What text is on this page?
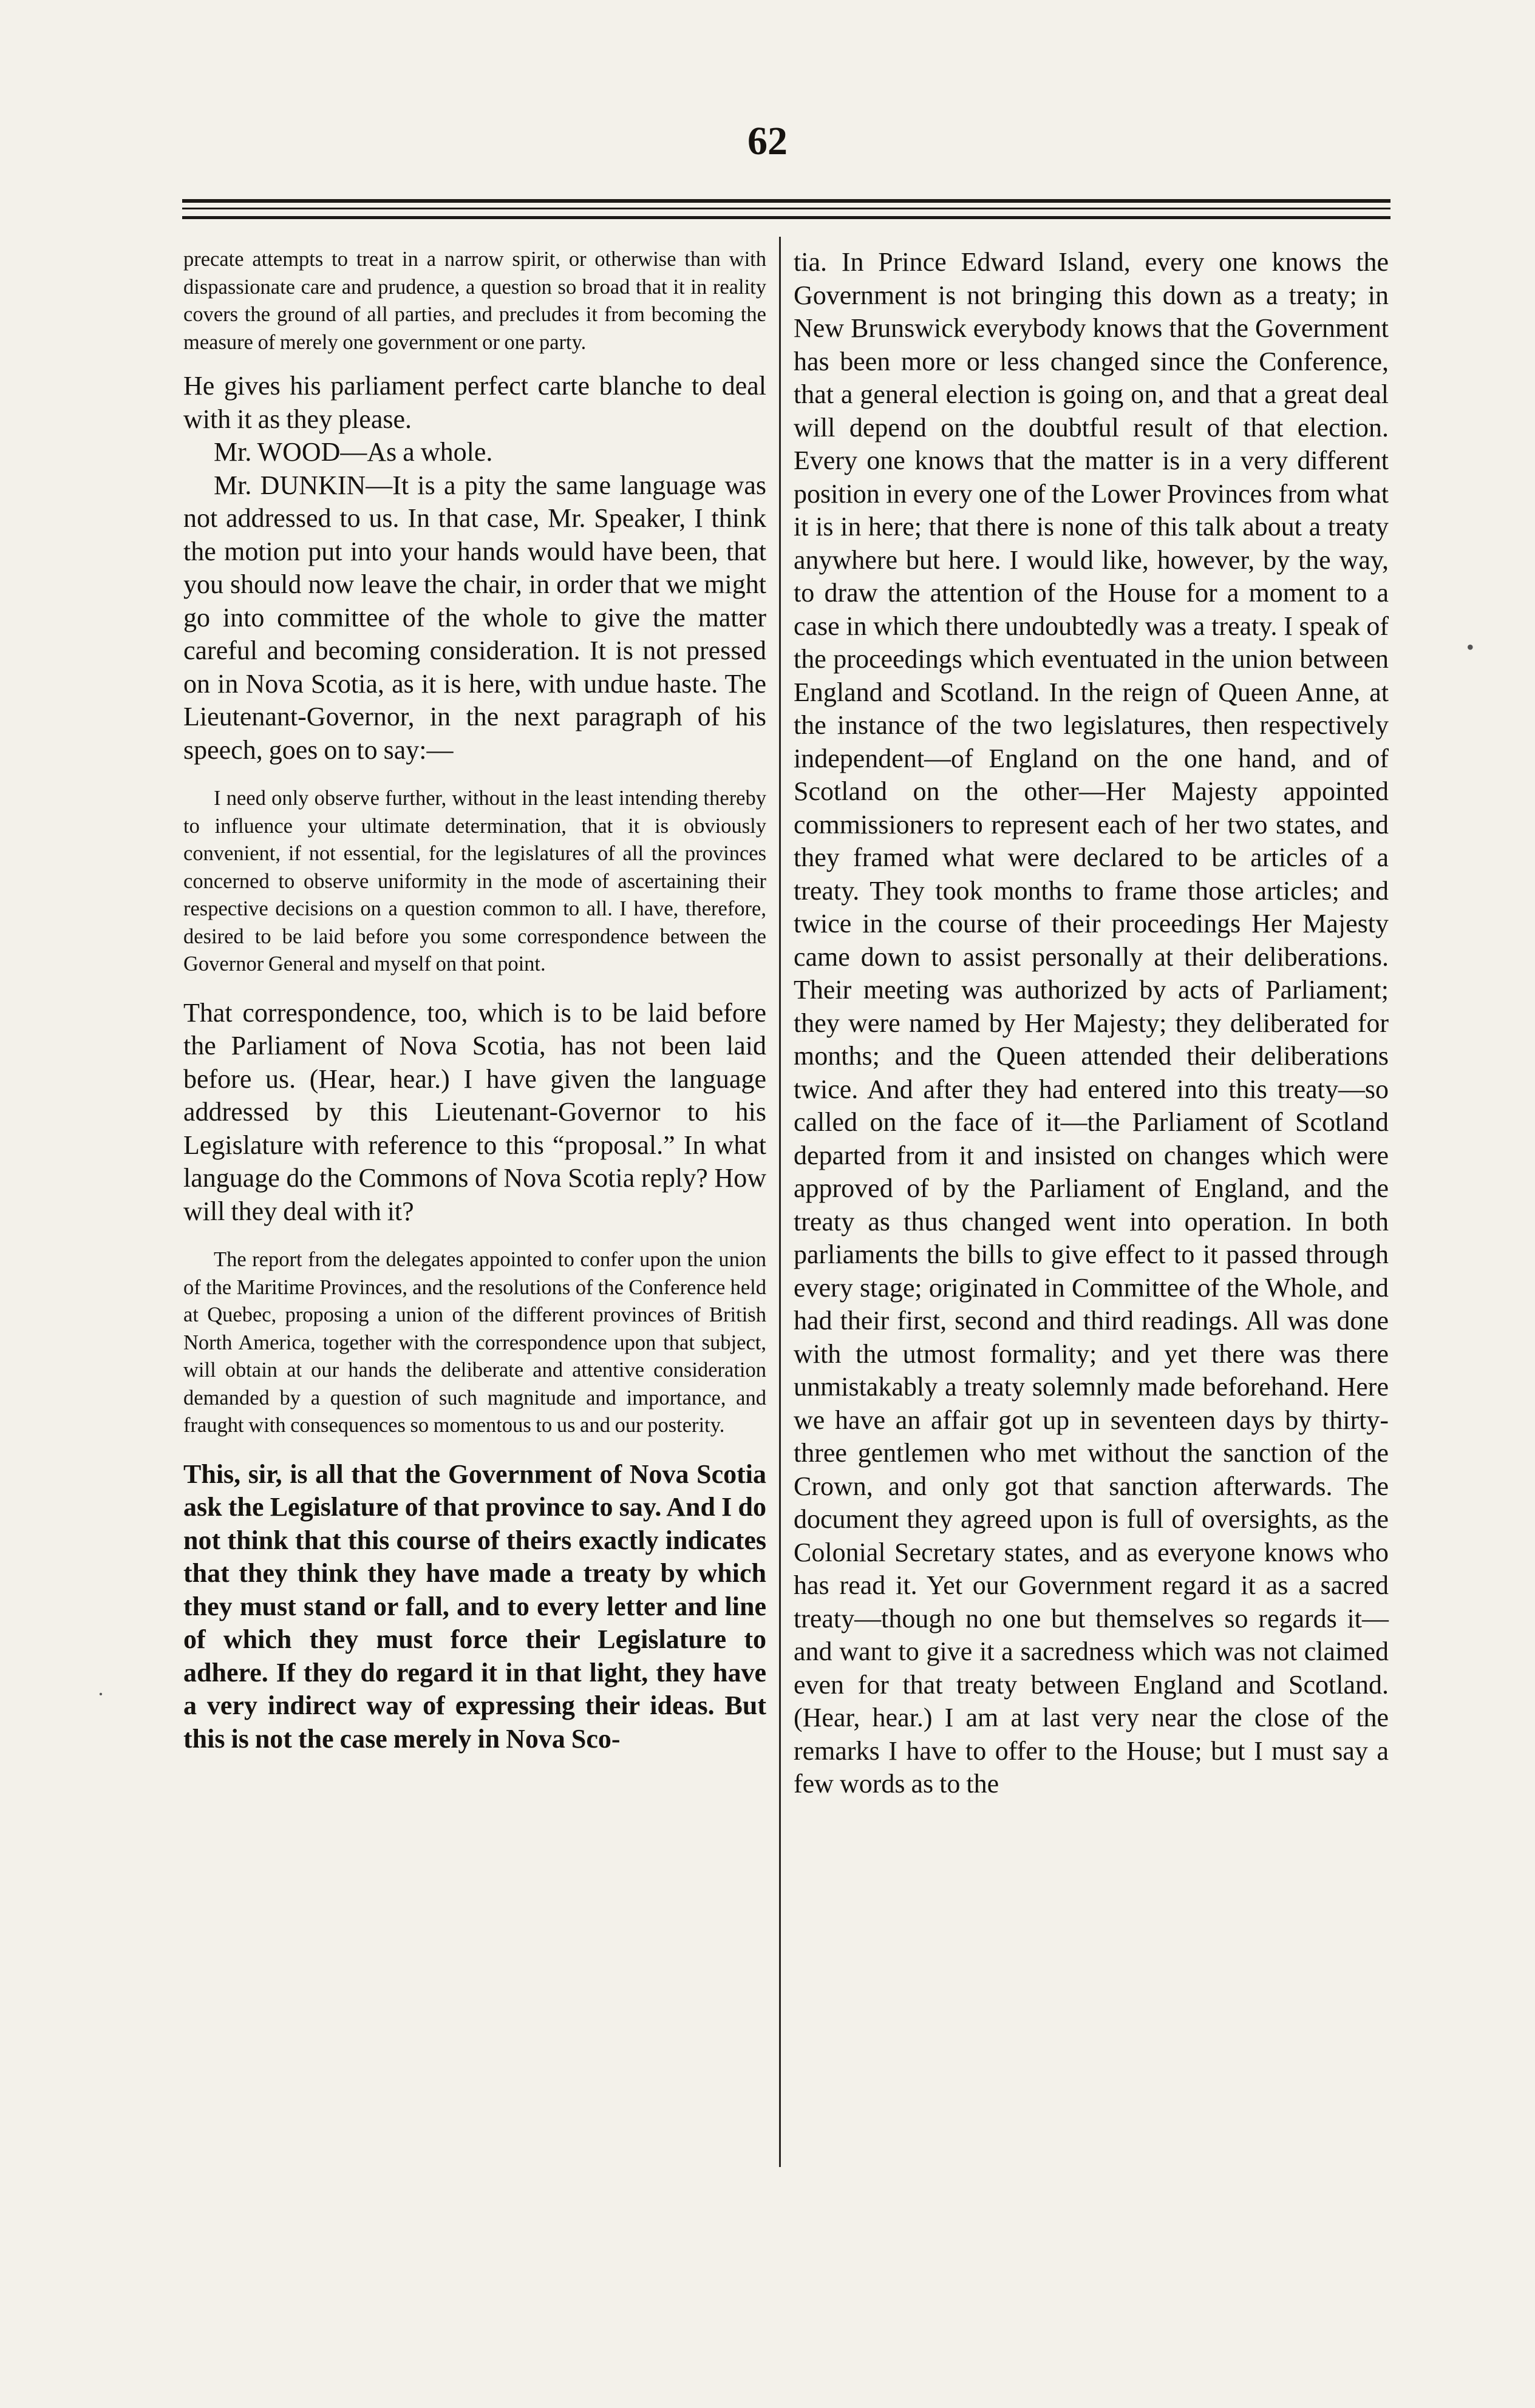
62

precate attempts to treat in a narrow spirit, or otherwise than with dispassionate care and prudence, a question so broad that it in reality covers the ground of all parties, and precludes it from becoming the measure of merely one government or one party.

He gives his parliament perfect carte blanche to deal with it as they please.

Mr. WOOD—As a whole.

Mr. DUNKIN—It is a pity the same language was not addressed to us. In that case, Mr. Speaker, I think the motion put into your hands would have been, that you should now leave the chair, in order that we might go into committee of the whole to give the matter careful and becoming consideration. It is not pressed on in Nova Scotia, as it is here, with undue haste. The Lieutenant-Governor, in the next paragraph of his speech, goes on to say:—

I need only observe further, without in the least intending thereby to influence your ultimate determination, that it is obviously convenient, if not essential, for the legislatures of all the provinces concerned to observe uniformity in the mode of ascertaining their respective decisions on a question common to all. I have, therefore, desired to be laid before you some correspondence between the Governor General and myself on that point.

That correspondence, too, which is to be laid before the Parliament of Nova Scotia, has not been laid before us. (Hear, hear.) I have given the language addressed by this Lieutenant-Governor to his Legislature with reference to this “proposal.” In what language do the Commons of Nova Scotia reply? How will they deal with it?

The report from the delegates appointed to confer upon the union of the Maritime Provinces, and the resolutions of the Conference held at Quebec, proposing a union of the different provinces of British North America, together with the correspondence upon that subject, will obtain at our hands the deliberate and attentive consideration demanded by a question of such magnitude and importance, and fraught with consequences so momentous to us and our posterity.

This, sir, is all that the Government of Nova Scotia ask the Legislature of that province to say. And I do not think that this course of theirs exactly indicates that they think they have made a treaty by which they must stand or fall, and to every letter and line of which they must force their Legislature to adhere. If they do regard it in that light, they have a very indirect way of expressing their ideas. But this is not the case merely in Nova Sco-

tia. In Prince Edward Island, every one knows the Government is not bringing this down as a treaty; in New Brunswick everybody knows that the Government has been more or less changed since the Conference, that a general election is going on, and that a great deal will depend on the doubtful result of that election. Every one knows that the matter is in a very different position in every one of the Lower Provinces from what it is in here; that there is none of this talk about a treaty anywhere but here. I would like, however, by the way, to draw the attention of the House for a moment to a case in which there undoubtedly was a treaty. I speak of the proceedings which eventuated in the union between England and Scotland. In the reign of Queen Anne, at the instance of the two legislatures, then respectively independent—of England on the one hand, and of Scotland on the other—Her Majesty appointed commissioners to represent each of her two states, and they framed what were declared to be articles of a treaty. They took months to frame those articles; and twice in the course of their proceedings Her Majesty came down to assist personally at their deliberations. Their meeting was authorized by acts of Parliament; they were named by Her Majesty; they deliberated for months; and the Queen attended their deliberations twice. And after they had entered into this treaty—so called on the face of it—the Parliament of Scotland departed from it and insisted on changes which were approved of by the Parliament of England, and the treaty as thus changed went into operation. In both parliaments the bills to give effect to it passed through every stage; originated in Committee of the Whole, and had their first, second and third readings. All was done with the utmost formality; and yet there was there unmistakably a treaty solemnly made beforehand. Here we have an affair got up in seventeen days by thirty-three gentlemen who met without the sanction of the Crown, and only got that sanction afterwards. The document they agreed upon is full of oversights, as the Colonial Secretary states, and as everyone knows who has read it. Yet our Government regard it as a sacred treaty—though no one but themselves so regards it—and want to give it a sacredness which was not claimed even for that treaty between England and Scotland. (Hear, hear.) I am at last very near the close of the remarks I have to offer to the House; but I must say a few words as to the

•
·
